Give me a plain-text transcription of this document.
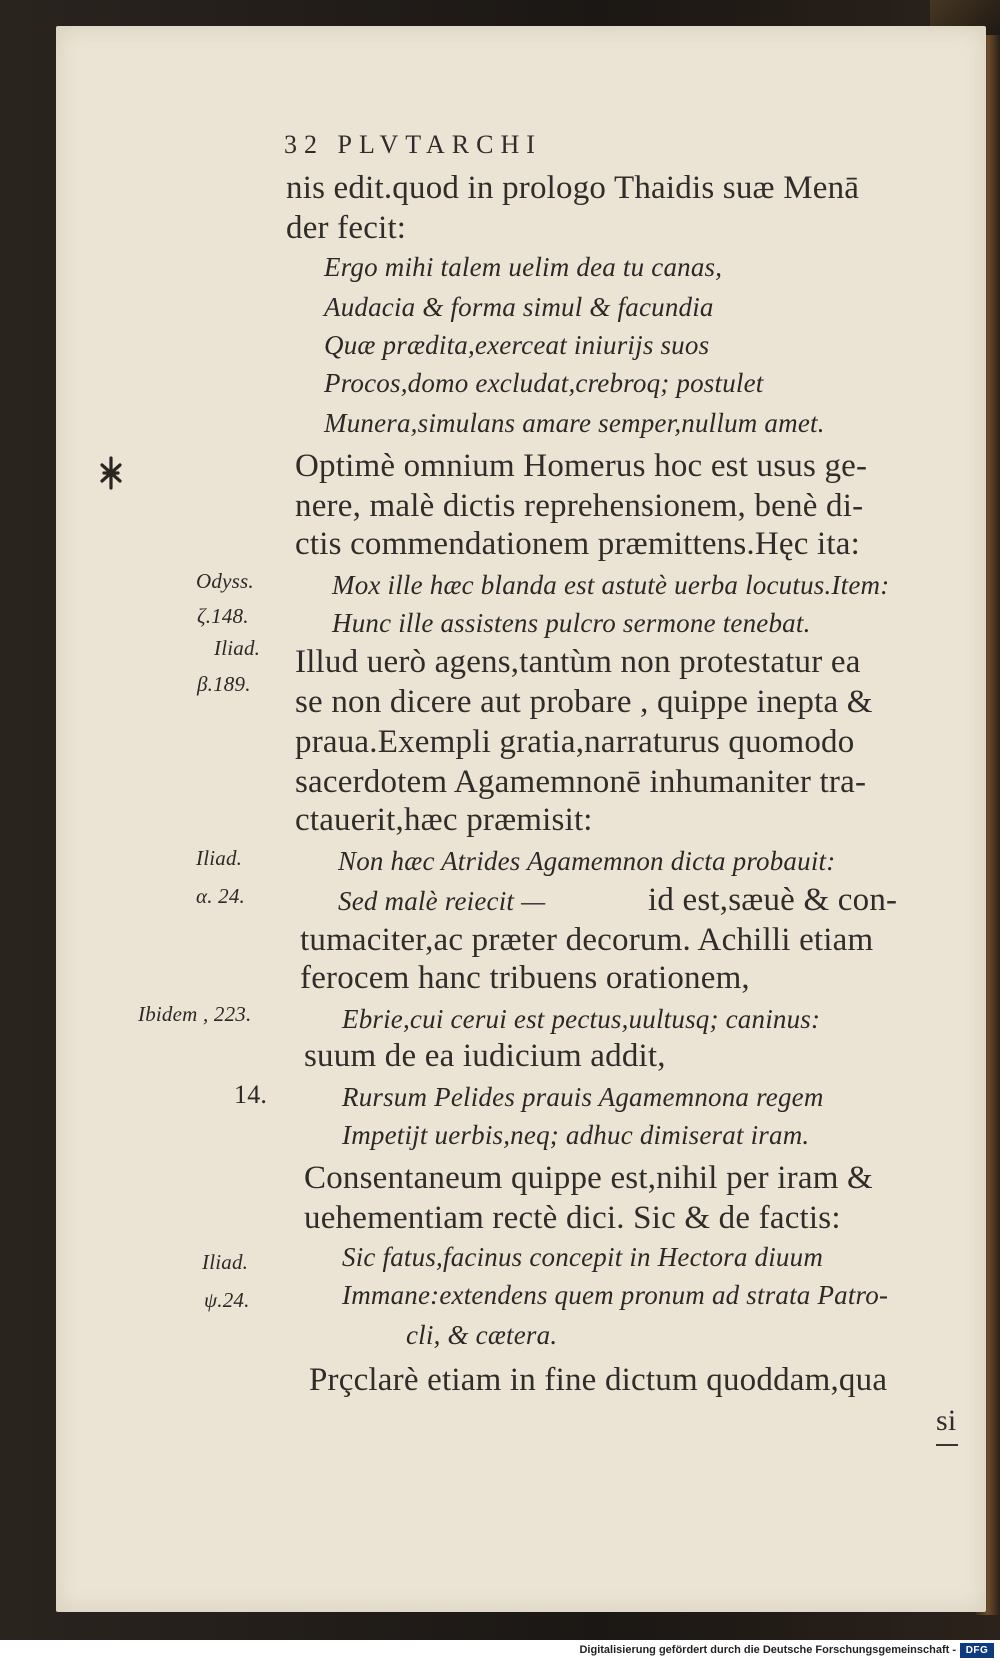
32 PLVTARCHI
nis edit.quod in prologo Thaidis suæ Menā
der fecit:
Ergo mihi talem uelim dea tu canas,
Audacia & forma simul & facundia
Quæ prædita,exerceat iniurijs suos
Procos,domo excludat,crebroq; postulet
Munera,simulans amare semper,nullum amet.
Optimè omnium Homerus hoc est usus ge-
nere, malè dictis reprehensionem, benè di-
ctis commendationem præmittens.Hęc ita:
Mox ille hæc blanda est astutè uerba locutus.Item:
Hunc ille assistens pulcro sermone tenebat.
Illud uerò agens,tantùm non protestatur ea
se non dicere aut probare , quippe inepta &
praua.Exempli gratia,narraturus quomodo
sacerdotem Agamemnonē inhumaniter tra-
ctauerit,hæc præmisit:
Non hæc Atrides Agamemnon dicta probauit:
Sed malè reiecit —	id est,sæuè & con-
tumaciter,ac præter decorum. Achilli etiam
ferocem hanc tribuens orationem,
Ebrie,cui cerui est pectus,uultusq; caninus:
suum de ea iudicium addit,
Rursum Pelides prauis Agamemnona regem
Impetijt uerbis,neq; adhuc dimiserat iram.
Consentaneum quippe est,nihil per iram &
uehementiam rectè dici. Sic & de factis:
Sic fatus,facinus concepit in Hectora diuum
Immane:extendens quem pronum ad strata Patro-
cli, & cætera.
Prçclarè etiam in fine dictum quoddam,qua
si
Odyss.
ζ.148.
Iliad.
β.189.
Iliad.
α. 24.
Ibidem , 223.
14.
Iliad.
ψ.24.
Digitalisierung gefördert durch die Deutsche Forschungsgemeinschaft - DFG
